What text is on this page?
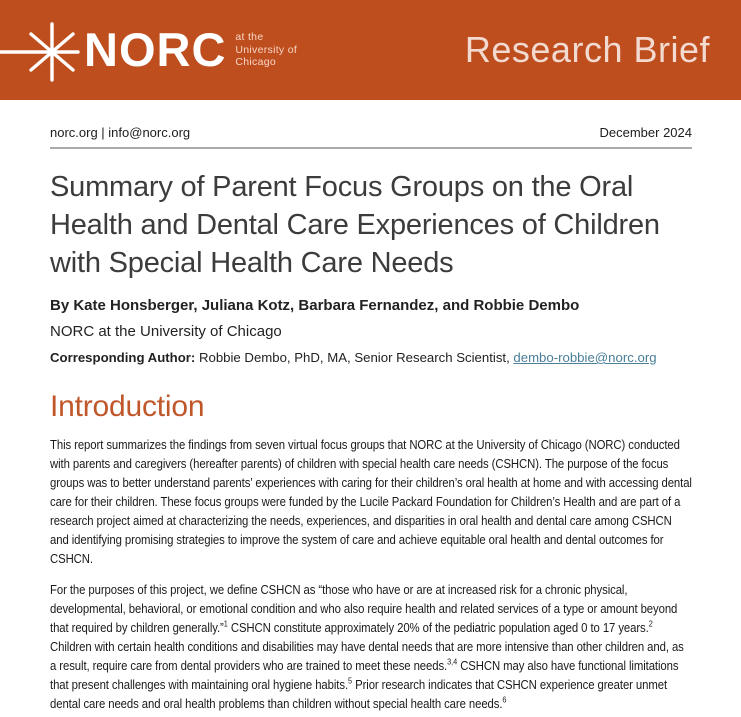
NORC at the
University of
Chicago	Research Brief
norc.org | info@norc.org	December 2024
Summary of Parent Focus Groups on the Oral Health and Dental Care Experiences of Children with Special Health Care Needs

By Kate Honsberger, Juliana Kotz, Barbara Fernandez, and Robbie Dembo

NORC at the University of Chicago

Corresponding Author: Robbie Dembo, PhD, MA, Senior Research Scientist, dembo-robbie@norc.org

Introduction

This report summarizes the findings from seven virtual focus groups that NORC at the University of Chicago (NORC) conducted with parents and caregivers (hereafter parents) of children with special health care needs (CSHCN). The purpose of the focus groups was to better understand parents’ experiences with caring for their children’s oral health at home and with accessing dental care for their children. These focus groups were funded by the Lucile Packard Foundation for Children’s Health and are part of a research project aimed at characterizing the needs, experiences, and disparities in oral health and dental care among CSHCN and identifying promising strategies to improve the system of care and achieve equitable oral health and dental outcomes for CSHCN.

For the purposes of this project, we define CSHCN as “those who have or are at increased risk for a chronic physical, developmental, behavioral, or emotional condition and who also require health and related services of a type or amount beyond that required by children generally.”$^1$ CSHCN constitute approximately 20% of the pediatric population aged 0 to 17 years.$^2$ Children with certain health conditions and disabilities may have dental needs that are more intensive than other children and, as a result, require care from dental providers who are trained to meet these needs.$^{3,4}$ CSHCN may also have functional limitations that present challenges with maintaining oral hygiene habits.$^5$ Prior research indicates that CSHCN experience greater unmet dental care needs and oral health problems than children without special health care needs.$^6$
